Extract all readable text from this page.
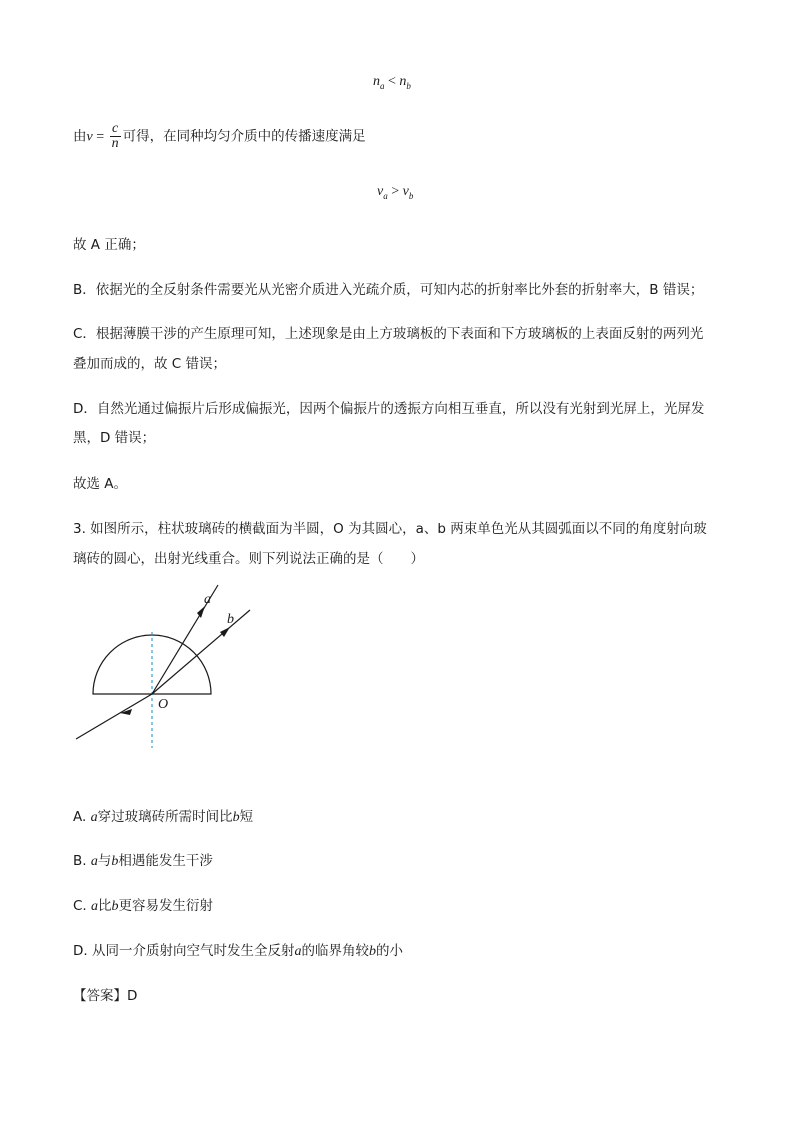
$n_a < n_b$
由$v = \frac{c}{n}$ 可得，在同种均匀介质中的传播速度满足
$v_a > v_b$
故 A 正确；
B．依据光的全反射条件需要光从光密介质进入光疏介质，可知内芯的折射率比外套的折射率大，B 错误；
C．根据薄膜干涉的产生原理可知，上述现象是由上方玻璃板的下表面和下方玻璃板的上表面反射的两列光
叠加而成的，故 C 错误；
D．自然光通过偏振片后形成偏振光，因两个偏振片的透振方向相互垂直，所以没有光射到光屏上，光屏发
黑，D 错误；
故选 A。
3. 如图所示，柱状玻璃砖的横截面为半圆，O 为其圆心，a、b 两束单色光从其圆弧面以不同的角度射向玻
璃砖的圆心，出射光线重合。则下列说法正确的是（　　）
a
b
O
A. a穿过玻璃砖所需时间比b短
B. a与b相遇能发生干涉
C. a比b更容易发生衍射
D. 从同一介质射向空气时发生全反射a的临界角较b的小
【答案】D
